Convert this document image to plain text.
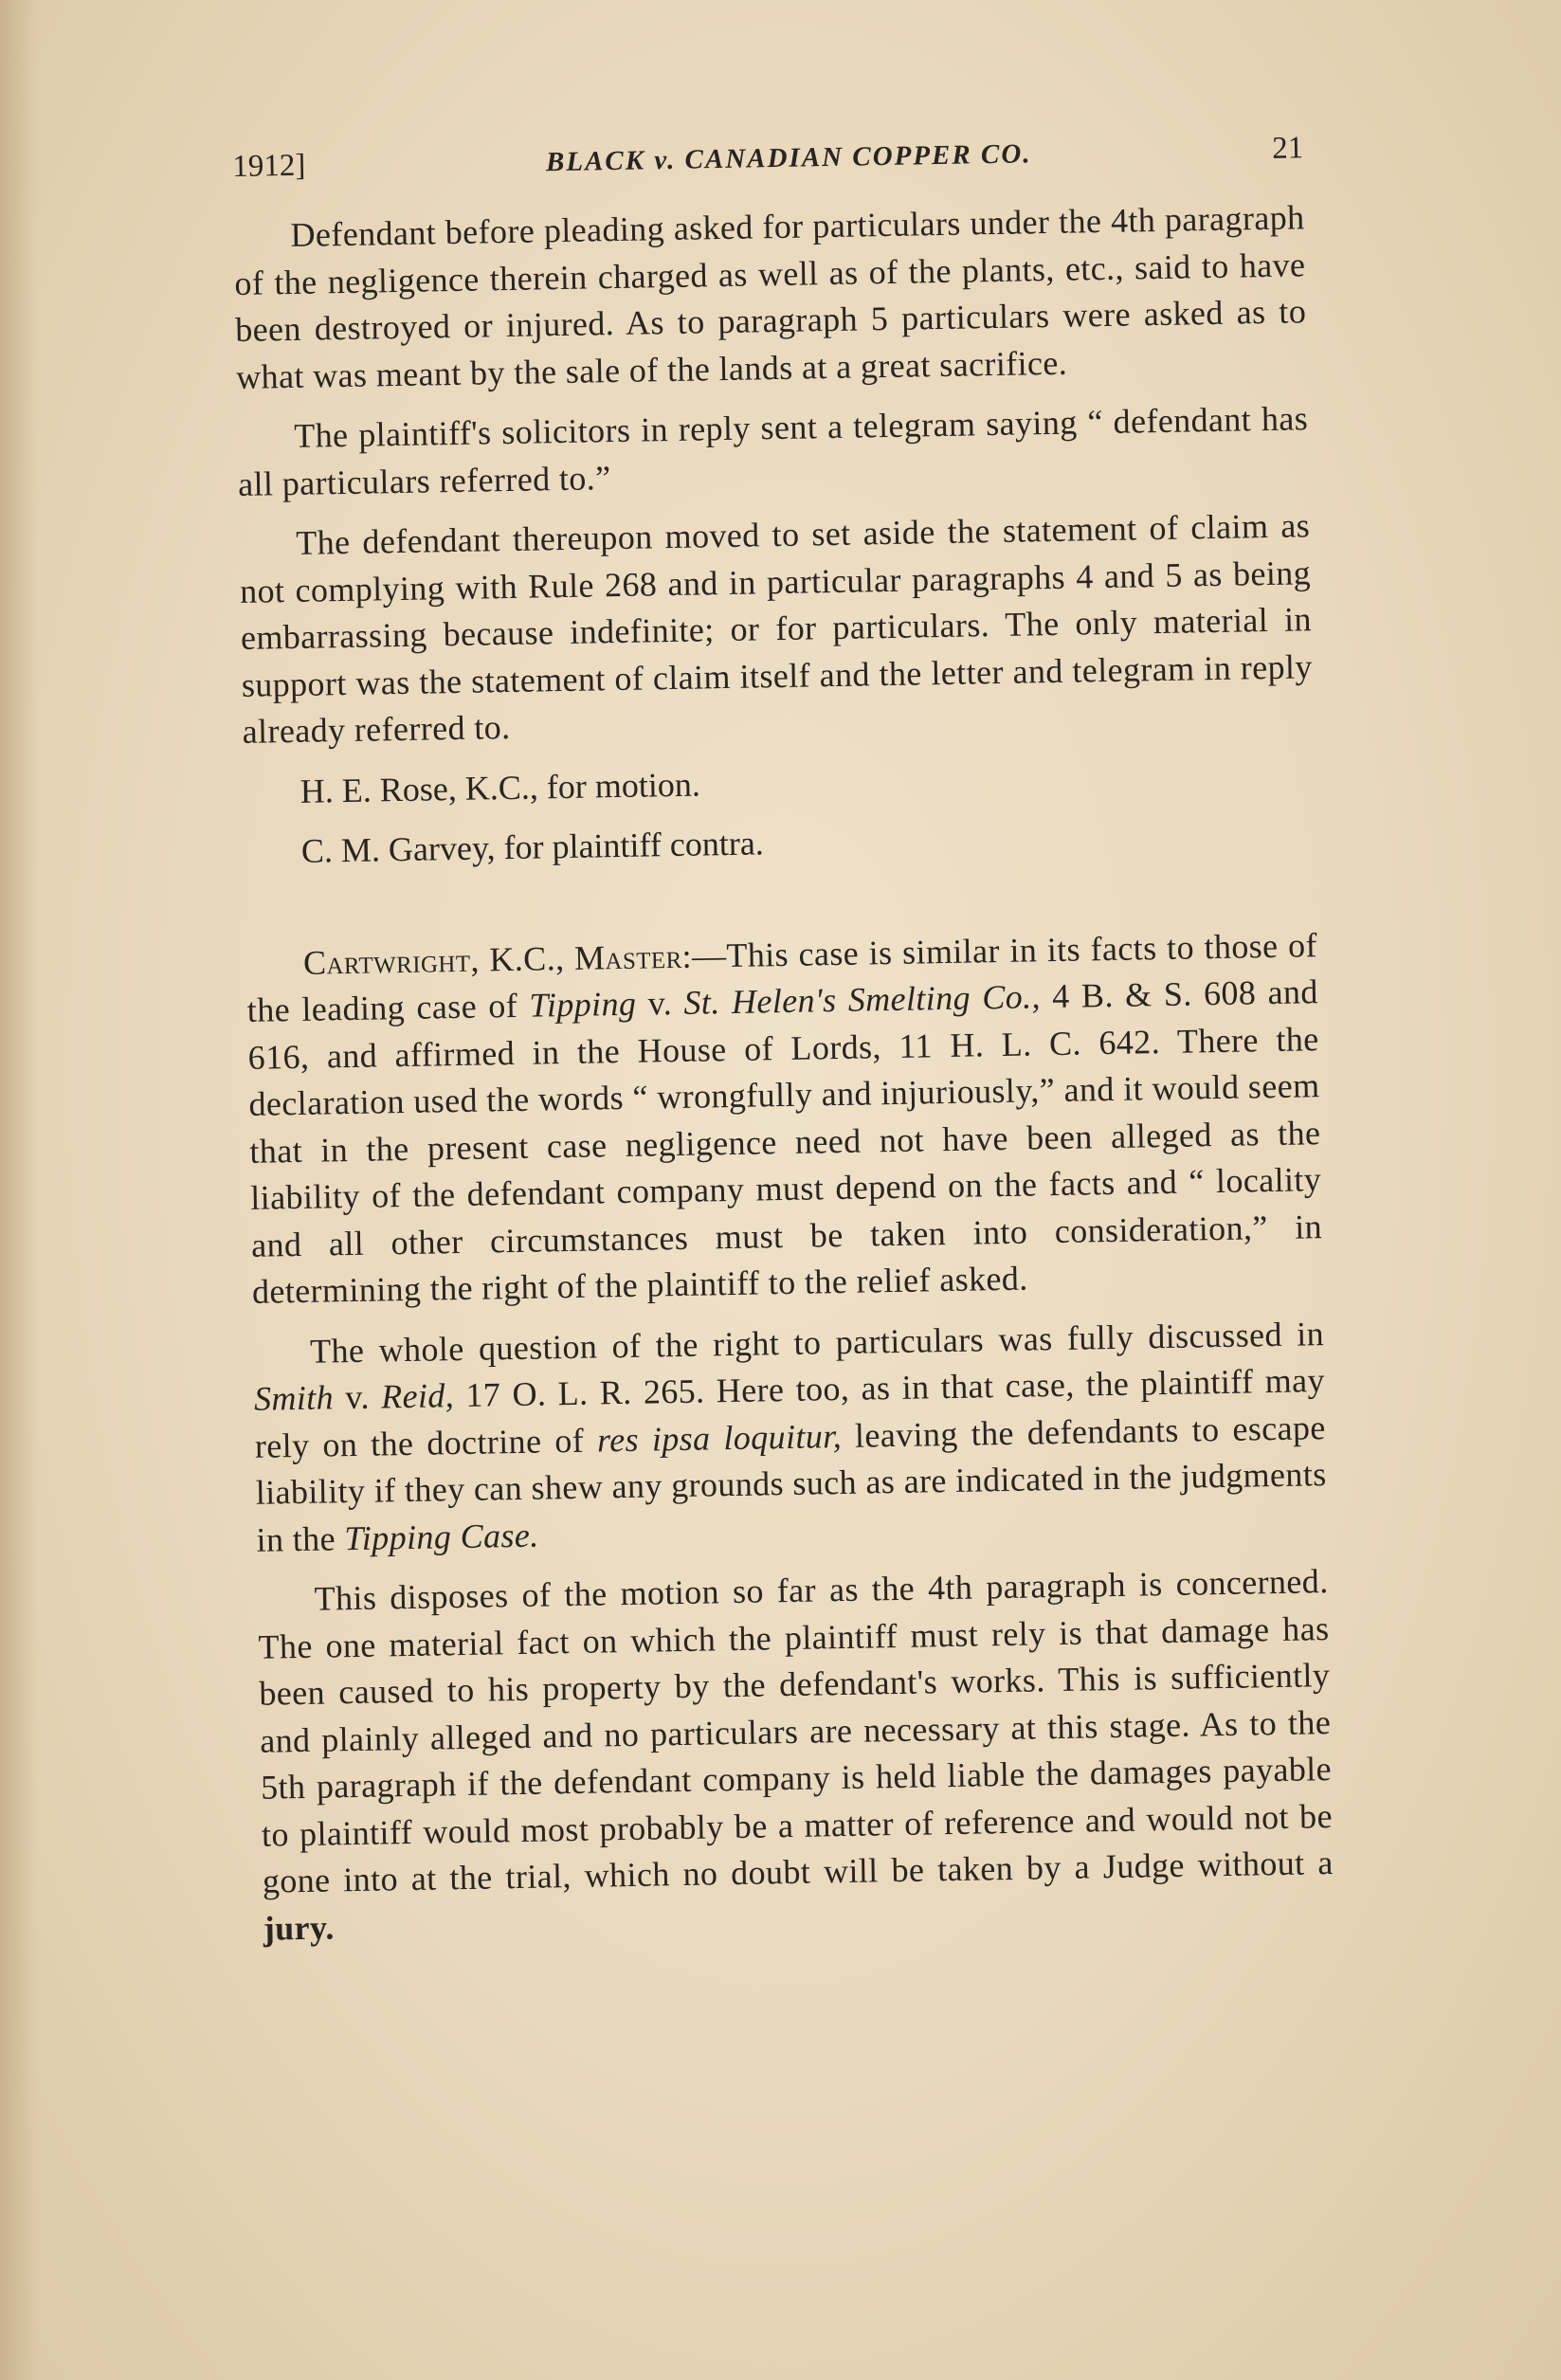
1912]	BLACK v. CANADIAN COPPER CO.	21

Defendant before pleading asked for particulars under the 4th paragraph of the negligence therein charged as well as of the plants, etc., said to have been destroyed or injured. As to paragraph 5 particulars were asked as to what was meant by the sale of the lands at a great sacrifice.

The plaintiff's solicitors in reply sent a telegram saying “ defendant has all particulars referred to.”

The defendant thereupon moved to set aside the statement of claim as not complying with Rule 268 and in particular paragraphs 4 and 5 as being embarrassing because indefinite; or for particulars. The only material in support was the statement of claim itself and the letter and telegram in reply already referred to.

H. E. Rose, K.C., for motion.

C. M. Garvey, for plaintiff contra.

Cartwright, K.C., Master:—This case is similar in its facts to those of the leading case of Tipping v. St. Helen's Smelting Co., 4 B. & S. 608 and 616, and affirmed in the House of Lords, 11 H. L. C. 642. There the declaration used the words “ wrongfully and injuriously,” and it would seem that in the present case negligence need not have been alleged as the liability of the defendant company must depend on the facts and “ locality and all other circumstances must be taken into consideration,” in determining the right of the plaintiff to the relief asked.

The whole question of the right to particulars was fully discussed in Smith v. Reid, 17 O. L. R. 265. Here too, as in that case, the plaintiff may rely on the doctrine of res ipsa loquitur, leaving the defendants to escape liability if they can shew any grounds such as are indicated in the judgments in the Tipping Case.

This disposes of the motion so far as the 4th paragraph is concerned. The one material fact on which the plaintiff must rely is that damage has been caused to his property by the defendant's works. This is sufficiently and plainly alleged and no particulars are necessary at this stage. As to the 5th paragraph if the defendant company is held liable the damages payable to plaintiff would most probably be a matter of reference and would not be gone into at the trial, which no doubt will be taken by a Judge without a jury.
